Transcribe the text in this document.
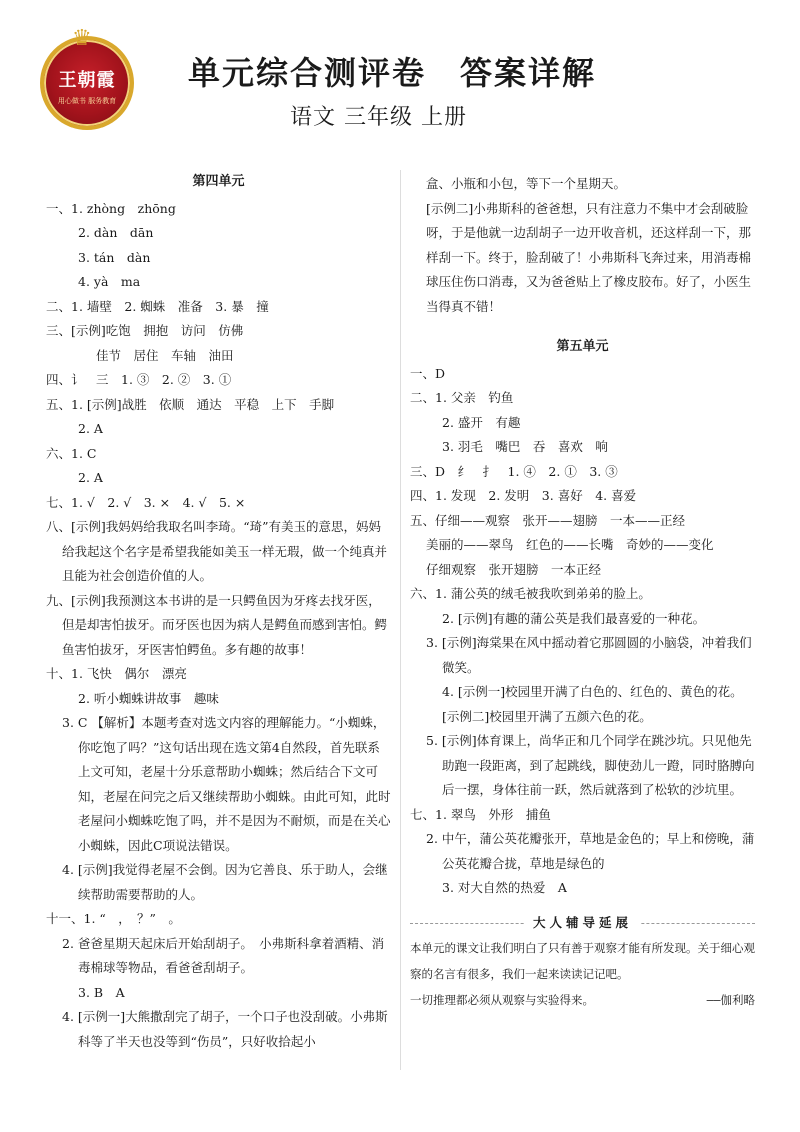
♛
王朝霞
用心做书 服务教育
单元综合测评卷　答案详解
语文 三年级 上册
第四单元
一、1. zhòng　zhōng
2. dàn　dān
3. tán　dàn
4. yà　ma
二、1. 墙壁　2. 蜘蛛　准备　3. 暴　撞
三、[示例]吃饱　拥抱　访问　仿佛
佳节　居住　车轴　油田
四、讠　三　1. ③　2. ②　3. ①
五、1. [示例]战胜　依顺　通达　平稳　上下　手脚
2. A
六、1. C
2. A
七、1. √　2. √　3. ×　4. √　5. ×
八、[示例]我妈妈给我取名叫李琦。“琦”有美玉的意思，妈妈给我起这个名字是希望我能如美玉一样无瑕，做一个纯真并且能为社会创造价值的人。
九、[示例]我预测这本书讲的是一只鳄鱼因为牙疼去找牙医，但是却害怕拔牙。而牙医也因为病人是鳄鱼而感到害怕。鳄鱼害怕拔牙，牙医害怕鳄鱼。多有趣的故事！
十、1. 飞快　偶尔　漂亮
2. 听小蜘蛛讲故事　趣味
3. C 【解析】本题考查对选文内容的理解能力。“小蜘蛛，你吃饱了吗？”这句话出现在选文第4自然段，首先联系上文可知，老屋十分乐意帮助小蜘蛛；然后结合下文可知，老屋在问完之后又继续帮助小蜘蛛。由此可知，此时老屋问小蜘蛛吃饱了吗，并不是因为不耐烦，而是在关心小蜘蛛，因此C项说法错误。
4. [示例]我觉得老屋不会倒。因为它善良、乐于助人，会继续帮助需要帮助的人。
十一、1. “　，　？”　。
2. 爸爸星期天起床后开始刮胡子。　小弗斯科拿着酒精、消毒棉球等物品，看爸爸刮胡子。
3. B　A
4. [示例一]大熊撒刮完了胡子，一个口子也没刮破。小弗斯科等了半天也没等到“伤员”，只好收拾起小
盒、小瓶和小包，等下一个星期天。
[示例二]小弗斯科的爸爸想，只有注意力不集中才会刮破脸呀，于是他就一边刮胡子一边开收音机，还这样刮一下，那样刮一下。终于，脸刮破了！小弗斯科飞奔过来，用消毒棉球压住伤口消毒，又为爸爸贴上了橡皮胶布。好了，小医生当得真不错！
第五单元
一、D
二、1. 父亲　钓鱼
2. 盛开　有趣
3. 羽毛　嘴巴　吞　喜欢　响
三、D　纟　扌　1. ④　2. ①　3. ③
四、1. 发现　2. 发明　3. 喜好　4. 喜爱
五、仔细——观察　张开——翅膀　一本——正经
美丽的——翠鸟　红色的——长嘴　奇妙的——变化
仔细观察　张开翅膀　一本正经
六、1. 蒲公英的绒毛被我吹到弟弟的脸上。
2. [示例]有趣的蒲公英是我们最喜爱的一种花。
3. [示例]海棠果在风中摇动着它那圆圆的小脑袋，冲着我们微笑。
4. [示例一]校园里开满了白色的、红色的、黄色的花。
[示例二]校园里开满了五颜六色的花。
5. [示例]体育课上，尚华正和几个同学在跳沙坑。只见他先助跑一段距离，到了起跳线，脚使劲儿一蹬，同时胳膊向后一摆，身体往前一跃，然后就落到了松软的沙坑里。
七、1. 翠鸟　外形　捕鱼
2. 中午，蒲公英花瓣张开，草地是金色的；早上和傍晚，蒲公英花瓣合拢，草地是绿色的
3. 对大自然的热爱　A
大人辅导延展
本单元的课文让我们明白了只有善于观察才能有所发现。关于细心观察的名言有很多，我们一起来读读记记吧。
一切推理都必须从观察与实验得来。	——伽利略
